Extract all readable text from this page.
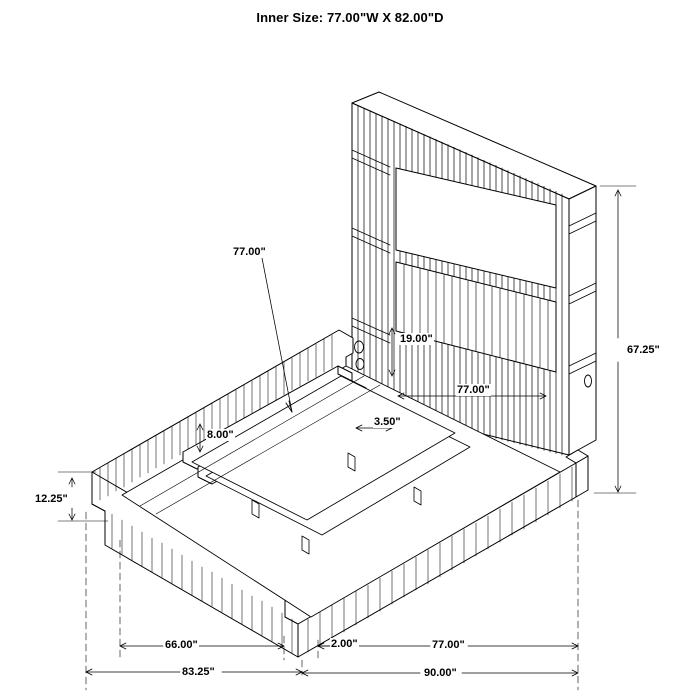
Inner Size: 77.00"W X 82.00"D
77.00"
19.00"
77.00"
3.50"
8.00"
67.25"
12.25"
66.00"	2.00"	77.00"
83.25"	90.00"
